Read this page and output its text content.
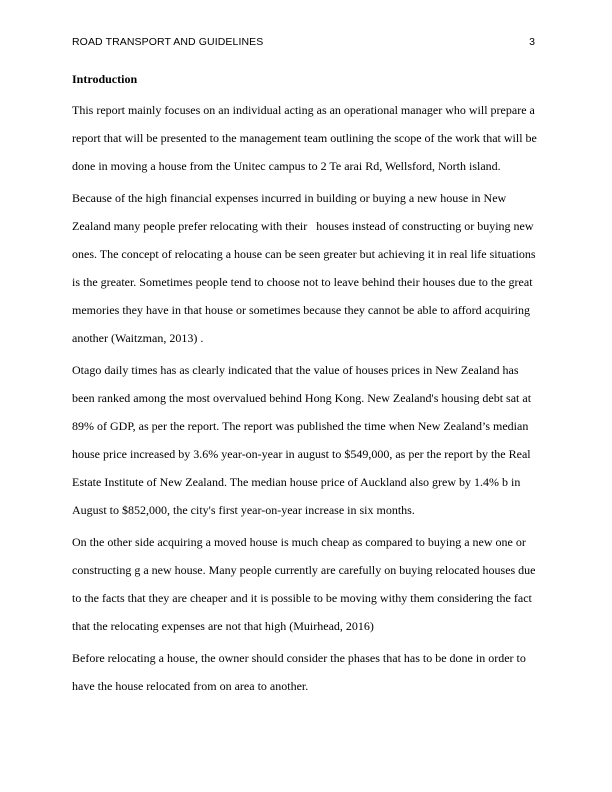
ROAD TRANSPORT AND GUIDELINES	3
Introduction
This report mainly focuses on an individual acting as an operational manager who will prepare a
report that will be presented to the management team outlining the scope of the work that will be
done in moving a house from the Unitec campus to 2 Te arai Rd, Wellsford, North island.
Because of the high financial expenses incurred in building or buying a new house in New
Zealand many people prefer relocating with their   houses instead of constructing or buying new
ones. The concept of relocating a house can be seen greater but achieving it in real life situations
is the greater. Sometimes people tend to choose not to leave behind their houses due to the great
memories they have in that house or sometimes because they cannot be able to afford acquiring
another (Waitzman, 2013) .
Otago daily times has as clearly indicated that the value of houses prices in New Zealand has
been ranked among the most overvalued behind Hong Kong. New Zealand's housing debt sat at
89% of GDP, as per the report. The report was published the time when New Zealand’s median
house price increased by 3.6% year-on-year in august to $549,000, as per the report by the Real
Estate Institute of New Zealand. The median house price of Auckland also grew by 1.4% b in
August to $852,000, the city's first year-on-year increase in six months.
On the other side acquiring a moved house is much cheap as compared to buying a new one or
constructing g a new house. Many people currently are carefully on buying relocated houses due
to the facts that they are cheaper and it is possible to be moving withy them considering the fact
that the relocating expenses are not that high (Muirhead, 2016)
Before relocating a house, the owner should consider the phases that has to be done in order to
have the house relocated from on area to another.
